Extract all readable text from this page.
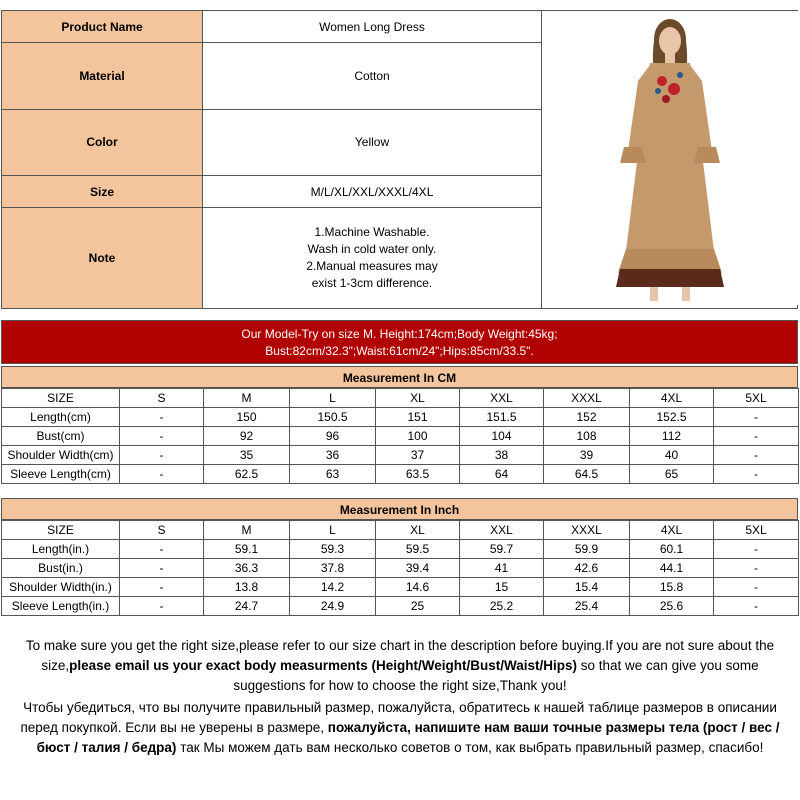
Product Name	Women Long Dress	
Material	Cotton	
Color	Yellow	
Size	M/L/XL/XXL/XXXL/4XL	
Note	1.Machine Washable.
Wash in cold water only.
2.Manual measures may
exist 1-3cm difference.	
Our Model-Try on size M. Height:174cm;Body Weight:45kg;
Bust:82cm/32.3";Waist:61cm/24";Hips:85cm/33.5".
Measurement In CM
SIZE	S	M	L	XL	XXL	XXXL	4XL	5XL
Length(cm)	-	150	150.5	151	151.5	152	152.5	-
Bust(cm)	-	92	96	100	104	108	112	-
Shoulder Width(cm)	-	35	36	37	38	39	40	-
Sleeve Length(cm)	-	62.5	63	63.5	64	64.5	65	-
Measurement In Inch
SIZE	S	M	L	XL	XXL	XXXL	4XL	5XL
Length(in.)	-	59.1	59.3	59.5	59.7	59.9	60.1	-
Bust(in.)	-	36.3	37.8	39.4	41	42.6	44.1	-
Shoulder Width(in.)	-	13.8	14.2	14.6	15	15.4	15.8	-
Sleeve Length(in.)	-	24.7	24.9	25	25.2	25.4	25.6	-
To make sure you get the right size,please refer to our size chart in the description before buying.If you are not sure about the size,please email us your exact body measurments (Height/Weight/Bust/Waist/Hips) so that we can give you some suggestions for how to choose the right size,Thank you!
Чтобы убедиться, что вы получите правильный размер, пожалуйста, обратитесь к нашей таблице размеров в описании перед покупкой. Если вы не уверены в размере, пожалуйста, напишите нам ваши точные размеры тела (рост / вес / бюст / талия / бедра) так Мы можем дать вам несколько советов о том, как выбрать правильный размер, спасибо!
